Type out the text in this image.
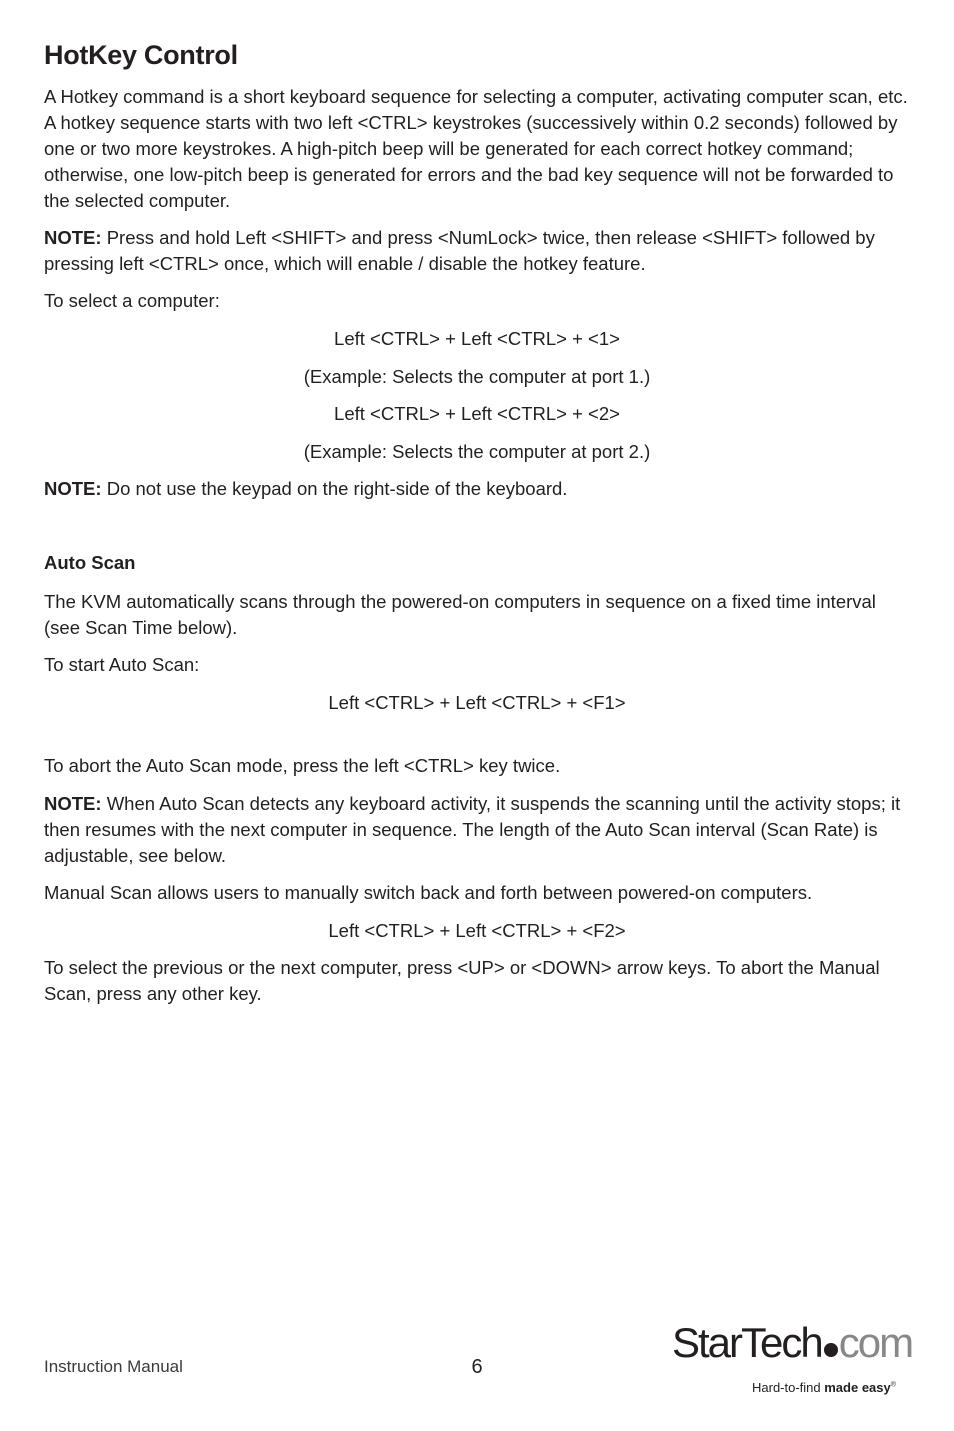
HotKey Control

A Hotkey command is a short keyboard sequence for selecting a computer, activating computer scan, etc. A hotkey sequence starts with two left <CTRL> keystrokes (successively within 0.2 seconds) followed by one or two more keystrokes. A high-pitch beep will be generated for each correct hotkey command; otherwise, one low-pitch beep is generated for errors and the bad key sequence will not be forwarded to the selected computer.

NOTE: Press and hold Left <SHIFT> and press <NumLock> twice, then release <SHIFT> followed by pressing left <CTRL> once, which will enable / disable the hotkey feature.

To select a computer:

Left <CTRL> + Left <CTRL> + <1>

(Example: Selects the computer at port 1.)

Left <CTRL> + Left <CTRL> + <2>

(Example: Selects the computer at port 2.)

NOTE: Do not use the keypad on the right-side of the keyboard.

Auto Scan

The KVM automatically scans through the powered-on computers in sequence on a fixed time interval (see Scan Time below).

To start Auto Scan:

Left <CTRL> + Left <CTRL> + <F1>

To abort the Auto Scan mode, press the left <CTRL> key twice.

NOTE: When Auto Scan detects any keyboard activity, it suspends the scanning until the activity stops; it then resumes with the next computer in sequence. The length of the Auto Scan interval (Scan Rate) is adjustable, see below.

Manual Scan allows users to manually switch back and forth between powered-on computers.

Left <CTRL> + Left <CTRL> + <F2>

To select the previous or the next computer, press <UP> or <DOWN> arrow keys. To abort the Manual Scan, press any other key.

Instruction Manual	6
StarTech com
Hard-to-find made easy®
